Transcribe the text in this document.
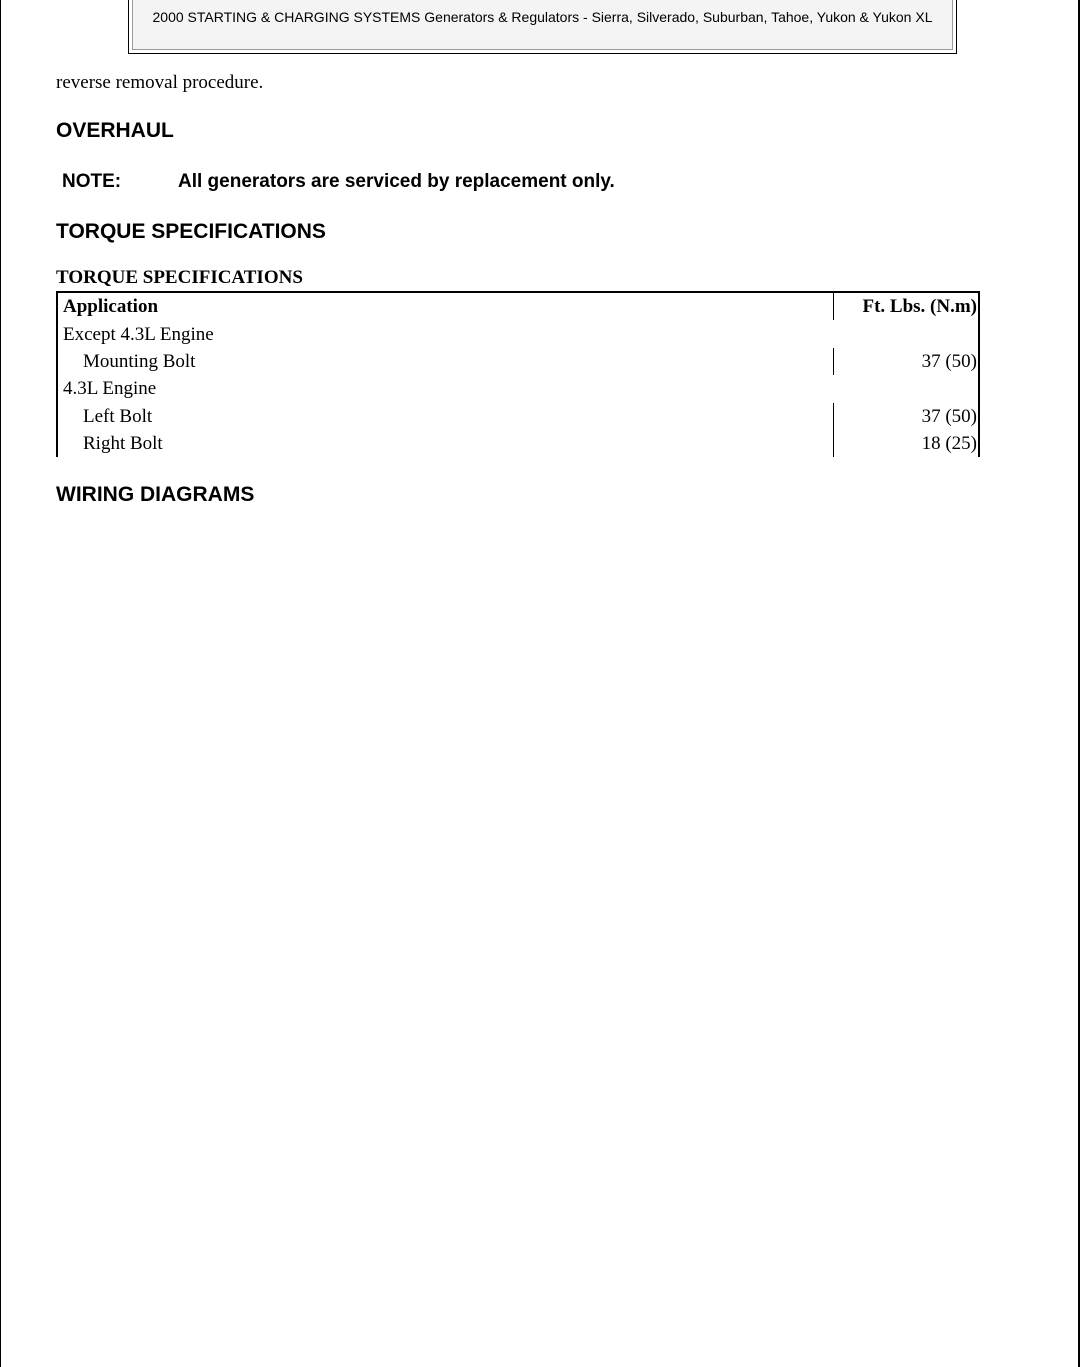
2000 STARTING & CHARGING SYSTEMS Generators & Regulators - Sierra, Silverado, Suburban, Tahoe, Yukon & Yukon XL
reverse removal procedure.
OVERHAUL
NOTE:	All generators are serviced by replacement only.
TORQUE SPECIFICATIONS
TORQUE SPECIFICATIONS
Application	Ft. Lbs. (N.m)
Except 4.3L Engine	
Mounting Bolt	37 (50)
4.3L Engine	
Left Bolt	37 (50)
Right Bolt	18 (25)
WIRING DIAGRAMS
